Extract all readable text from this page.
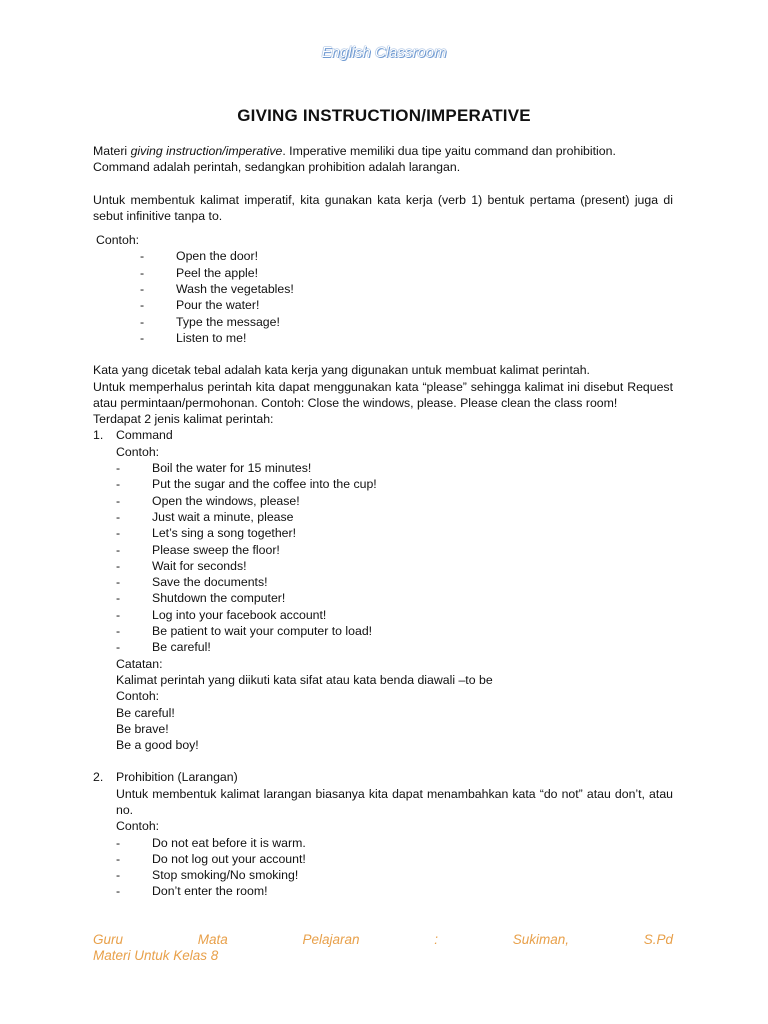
English Classroom
GIVING INSTRUCTION/IMPERATIVE

Materi giving instruction/imperative. Imperative memiliki dua tipe yaitu command dan prohibition.
Command adalah perintah, sedangkan prohibition adalah larangan.

Untuk membentuk kalimat imperatif, kita gunakan kata kerja (verb 1) bentuk pertama (present) juga di sebut infinitive tanpa to.

Contoh:
-	Open the door!
-	Peel the apple!
-	Wash the vegetables!
-	Pour the water!
-	Type the message!
-	Listen to me!

Kata yang dicetak tebal adalah kata kerja yang digunakan untuk membuat kalimat perintah.

Untuk memperhalus perintah kita dapat menggunakan kata “please” sehingga kalimat ini disebut Request atau permintaan/permohonan. Contoh: Close the windows, please. Please clean the class room!

Terdapat 2 jenis kalimat perintah:

1. Command
Contoh:
-	Boil the water for 15 minutes!
-	Put the sugar and the coffee into the cup!
-	Open the windows, please!
-	Just wait a minute, please
-	Let’s sing a song together!
-	Please sweep the floor!
-	Wait for seconds!
-	Save the documents!
-	Shutdown the computer!
-	Log into your facebook account!
-	Be patient to wait your computer to load!
-	Be careful!
Catatan:
Kalimat perintah yang diikuti kata sifat atau kata benda diawali –to be
Contoh:
Be careful!
Be brave!
Be a good boy!
2. Prohibition (Larangan)

Untuk membentuk kalimat larangan biasanya kita dapat menambahkan kata “do not” atau don’t, atau no.

Contoh:
-	Do not eat before it is warm.
-	Do not log out your account!
-	Stop smoking/No smoking!
-	Don’t enter the room!
Guru	Mata	Pelajaran	:	Sukiman,	S.Pd
Materi Untuk Kelas 8
